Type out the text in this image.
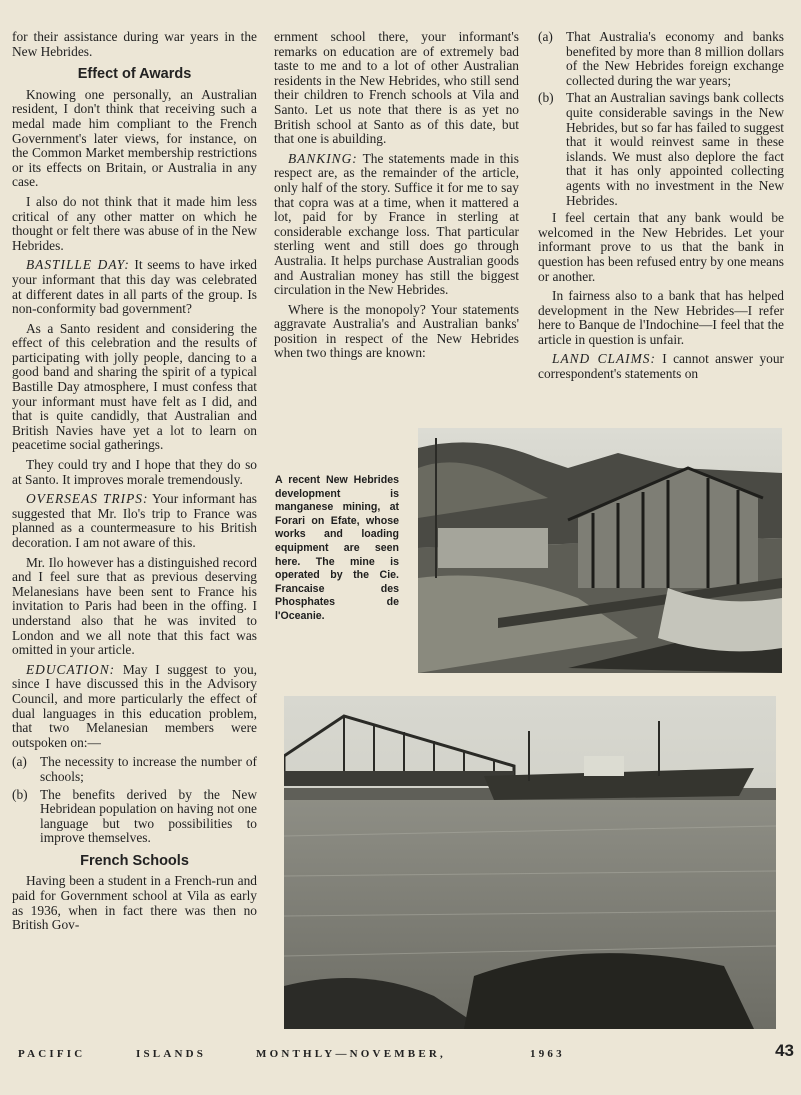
for their assistance during war years in the New Hebrides.

Effect of Awards

Knowing one personally, an Australian resident, I don't think that receiving such a medal made him compliant to the French Government's later views, for instance, on the Common Market membership restrictions or its effects on Britain, or Australia in any case.

I also do not think that it made him less critical of any other matter on which he thought or felt there was abuse of in the New Hebrides.

BASTILLE DAY: It seems to have irked your informant that this day was celebrated at different dates in all parts of the group. Is non-conformity bad government?

As a Santo resident and considering the effect of this celebration and the results of participating with jolly people, dancing to a good band and sharing the spirit of a typical Bastille Day atmosphere, I must confess that your informant must have felt as I did, and that is quite candidly, that Australian and British Navies have yet a lot to learn on peacetime social gatherings.

They could try and I hope that they do so at Santo. It improves morale tremendously.

OVERSEAS TRIPS: Your informant has suggested that Mr. Ilo's trip to France was planned as a countermeasure to his British decoration. I am not aware of this.

Mr. Ilo however has a distinguished record and I feel sure that as previous deserving Melanesians have been sent to France his invitation to Paris had been in the offing. I understand also that he was invited to London and we all note that this fact was omitted in your article.

EDUCATION: May I suggest to you, since I have discussed this in the Advisory Council, and more particularly the effect of dual languages in this education problem, that two Melanesian members were outspoken on:—

(a) The necessity to increase the number of schools;
(b) The benefits derived by the New Hebridean population on having not one language but two possibilities to improve themselves.
French Schools

Having been a student in a French-run and paid for Government school at Vila as early as 1936, when in fact there was then no British Gov-

ernment school there, your informant's remarks on education are of extremely bad taste to me and to a lot of other Australian residents in the New Hebrides, who still send their children to French schools at Vila and Santo. Let us note that there is as yet no British school at Santo as of this date, but that one is abuilding.

BANKING: The statements made in this respect are, as the remainder of the article, only half of the story. Suffice it for me to say that copra was at a time, when it mattered a lot, paid for by France in sterling at considerable exchange loss. That particular sterling went and still does go through Australia. It helps purchase Australian goods and Australian money has still the biggest circulation in the New Hebrides.

Where is the monopoly? Your statements aggravate Australia's and Australian banks' position in respect of the New Hebrides when two things are known:

(a) That Australia's economy and banks benefited by more than 8 million dollars of the New Hebrides foreign exchange collected during the war years;
(b) That an Australian savings bank collects quite considerable savings in the New Hebrides, but so far has failed to suggest that it would reinvest same in these islands. We must also deplore the fact that it has only appointed collecting agents with no investment in the New Hebrides.

I feel certain that any bank would be welcomed in the New Hebrides. Let your informant prove to us that the bank in question has been refused entry by one means or another.

In fairness also to a bank that has helped development in the New Hebrides—I refer here to Banque de l'Indochine—I feel that the article in question is unfair.

LAND CLAIMS: I cannot answer your correspondent's statements on

A recent New Hebrides development is manganese mining, at Forari on Efate, whose works and loading equipment are seen here. The mine is operated by the Cie. Francaise des Phosphates de l'Oceanie.
PACIFIC	ISLANDS	MONTHLY—NOVEMBER,	1963	43
